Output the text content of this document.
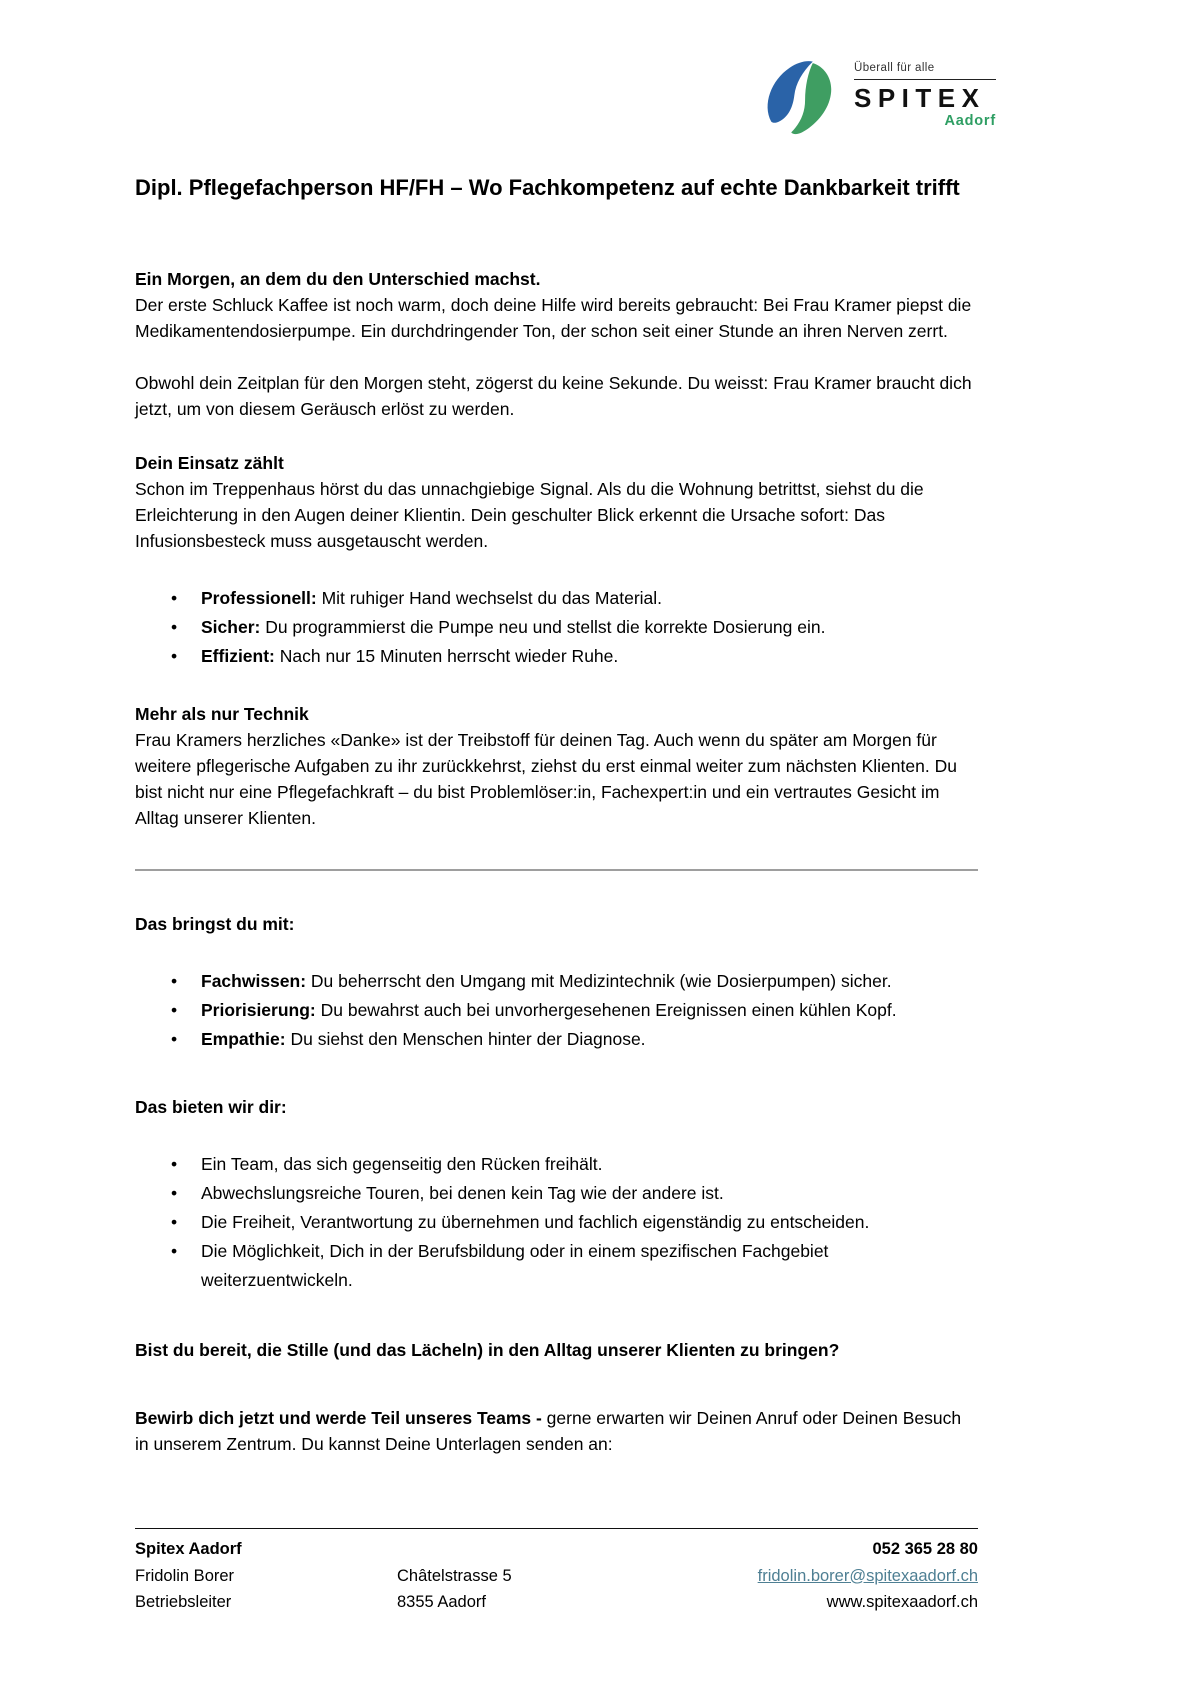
Überall für alle
SPITEX
Aadorf
Dipl. Pflegefachperson HF/FH – Wo Fachkompetenz auf echte Dankbarkeit trifft
Ein Morgen, an dem du den Unterschied machst.

Der erste Schluck Kaffee ist noch warm, doch deine Hilfe wird bereits gebraucht: Bei Frau Kramer piepst die Medikamentendosierpumpe. Ein durchdringender Ton, der schon seit einer Stunde an ihren Nerven zerrt.

Obwohl dein Zeitplan für den Morgen steht, zögerst du keine Sekunde. Du weisst: Frau Kramer braucht dich jetzt, um von diesem Geräusch erlöst zu werden.

Dein Einsatz zählt

Schon im Treppenhaus hörst du das unnachgiebige Signal. Als du die Wohnung betrittst, siehst du die Erleichterung in den Augen deiner Klientin. Dein geschulter Blick erkennt die Ursache sofort: Das Infusionsbesteck muss ausgetauscht werden.

• Professionell: Mit ruhiger Hand wechselst du das Material.
• Sicher: Du programmierst die Pumpe neu und stellst die korrekte Dosierung ein.
• Effizient: Nach nur 15 Minuten herrscht wieder Ruhe.
Mehr als nur Technik

Frau Kramers herzliches «Danke» ist der Treibstoff für deinen Tag. Auch wenn du später am Morgen für weitere pflegerische Aufgaben zu ihr zurückkehrst, ziehst du erst einmal weiter zum nächsten Klienten. Du bist nicht nur eine Pflegefachkraft – du bist Problemlöser:in, Fachexpert:in und ein vertrautes Gesicht im Alltag unserer Klienten.

Das bringst du mit:
• Fachwissen: Du beherrscht den Umgang mit Medizintechnik (wie Dosierpumpen) sicher.
• Priorisierung: Du bewahrst auch bei unvorhergesehenen Ereignissen einen kühlen Kopf.
• Empathie: Du siehst den Menschen hinter der Diagnose.
Das bieten wir dir:
• Ein Team, das sich gegenseitig den Rücken freihält.
• Abwechslungsreiche Touren, bei denen kein Tag wie der andere ist.
• Die Freiheit, Verantwortung zu übernehmen und fachlich eigenständig zu entscheiden.
• Die Möglichkeit, Dich in der Berufsbildung oder in einem spezifischen Fachgebiet weiterzuentwickeln.

Bist du bereit, die Stille (und das Lächeln) in den Alltag unserer Klienten zu bringen?

Bewirb dich jetzt und werde Teil unseres Teams - gerne erwarten wir Deinen Anruf oder Deinen Besuch in unserem Zentrum. Du kannst Deine Unterlagen senden an:

Spitex Aadorf
Fridolin Borer
Betriebsleiter
Châtelstrasse 5
8355 Aadorf
052 365 28 80
fridolin.borer@spitexaadorf.ch
www.spitexaadorf.ch
